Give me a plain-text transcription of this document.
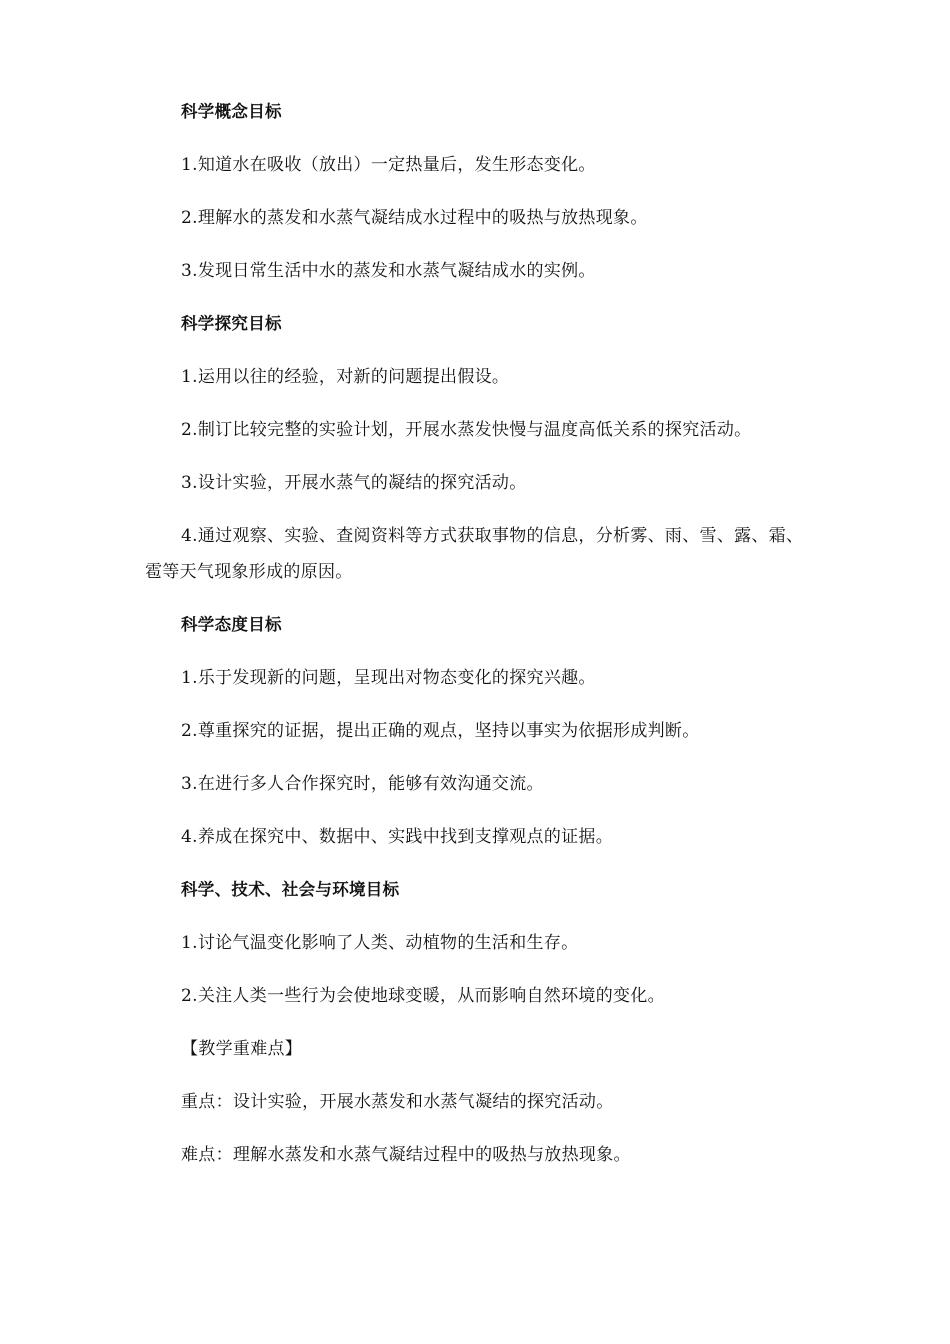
科学概念目标

1.知道水在吸收（放出）一定热量后，发生形态变化。

2.理解水的蒸发和水蒸气凝结成水过程中的吸热与放热现象。

3.发现日常生活中水的蒸发和水蒸气凝结成水的实例。

科学探究目标

1.运用以往的经验，对新的问题提出假设。

2.制订比较完整的实验计划，开展水蒸发快慢与温度高低关系的探究活动。

3.设计实验，开展水蒸气的凝结的探究活动。

4.通过观察、实验、查阅资料等方式获取事物的信息，分析雾、雨、雪、露、霜、雹等天气现象形成的原因。

科学态度目标

1.乐于发现新的问题，呈现出对物态变化的探究兴趣。

2.尊重探究的证据，提出正确的观点，坚持以事实为依据形成判断。

3.在进行多人合作探究时，能够有效沟通交流。

4.养成在探究中、数据中、实践中找到支撑观点的证据。

科学、技术、社会与环境目标

1.讨论气温变化影响了人类、动植物的生活和生存。

2.关注人类一些行为会使地球变暖，从而影响自然环境的变化。

【教学重难点】

重点：设计实验，开展水蒸发和水蒸气凝结的探究活动。

难点：理解水蒸发和水蒸气凝结过程中的吸热与放热现象。
